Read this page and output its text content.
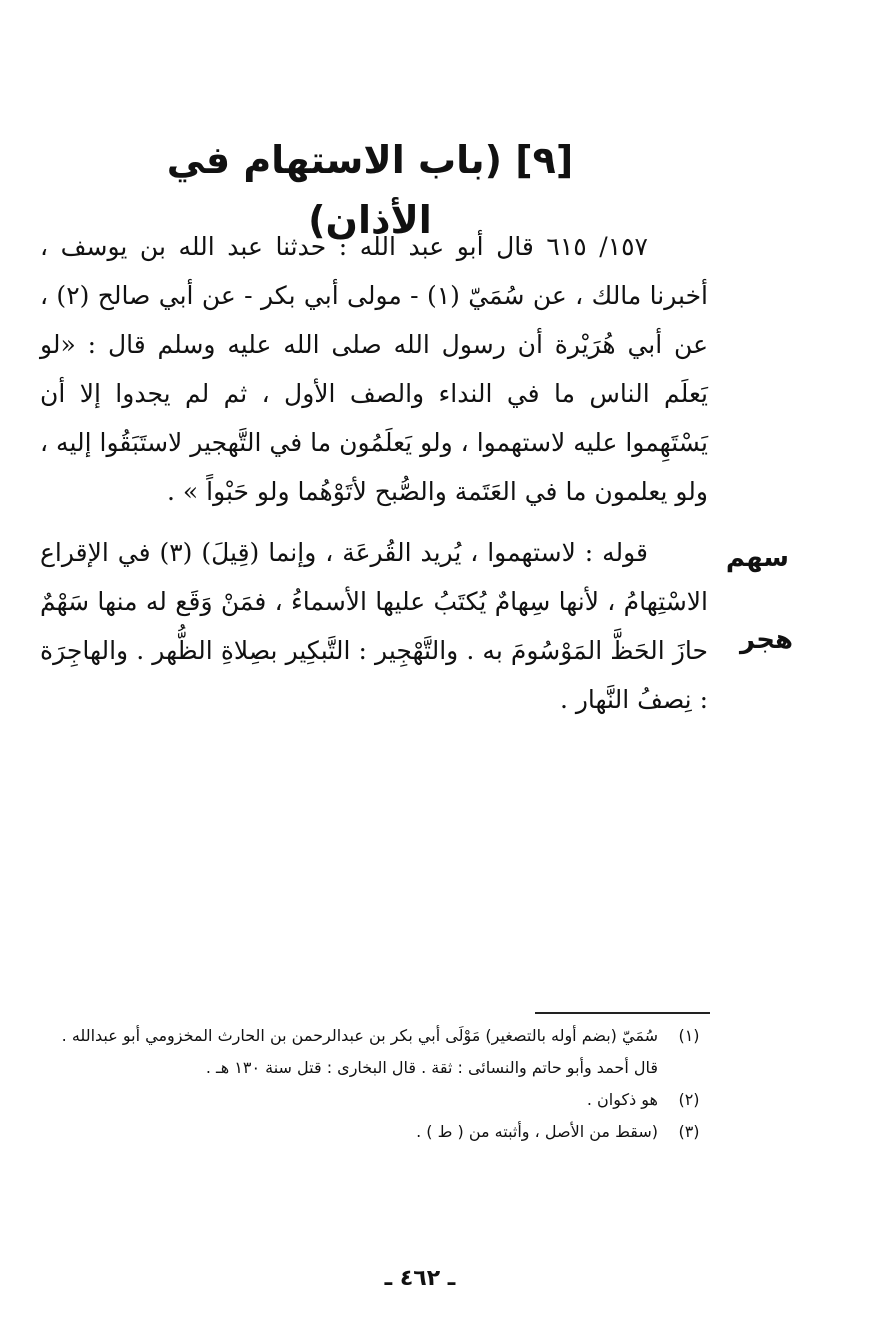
[٩] (باب الاستهام في الأذان)

١٥٧/ ٦١٥ قال أبو عبد الله : حدثنا عبد الله بن يوسف ، أخبرنا مالك ، عن سُمَيّ (١) - مولى أبي بكر - عن أبي صالح (٢) ، عن أبي هُرَيْرة أن رسول الله صلى الله عليه وسلم قال : «لو يَعلَم الناس ما في النداء والصف الأول ، ثم لم يجدوا إلا أن يَسْتَهِموا عليه لاستهموا ، ولو يَعلَمُون ما في التَّهجير لاستَبَقُوا إليه ، ولو يعلمون ما في العَتَمة والصُّبح لأتَوْهُما ولو حَبْواً » .

قوله : لاستهموا ، يُريد القُرعَة ، وإنما (قِيلَ) (٣) في الإقراع الاسْتِهامُ ، لأنها سِهامٌ يُكتَبُ عليها الأسماءُ ، فمَنْ وَقَع له منها سَهْمٌ حازَ الحَظَّ المَوْسُومَ به . والتَّهْجِير : التَّبكِير بصِلاةِ الظُّهر . والهاجِرَة : نِصفُ النَّهار .

سهم
هجر
(١)
سُمَيّ (بضم أوله بالتصغير) مَوْلَى أبي بكر بن عبدالرحمن بن الحارث المخزومي أبو عبدالله .
قال أحمد وأبو حاتم والنسائى : ثقة . قال البخارى : قتل سنة ١٣٠ هـ .
(٢)
هو ذكوان .
(٣)
(سقط من الأصل ، وأثبته من ( ط ) .
ـ ٤٦٢ ـ
